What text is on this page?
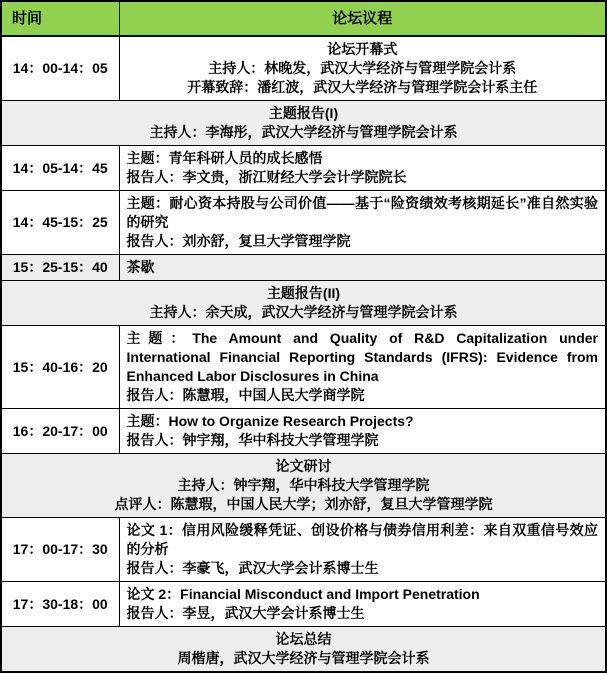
时间	论坛议程
14：00-14：05	论坛开幕式

主持人：林晚发，武汉大学经济与管理学院会计系

开幕致辞：潘红波，武汉大学经济与管理学院会计系主任

主题报告(I)

主持人：李海彤，武汉大学经济与管理学院会计系	

14：05-14：45	主题：青年科研人员的成长感悟

报告人：李文贵，浙江财经大学会计学院院长

14：45-15：25	主题：耐心资本持股与公司价值——基于“险资绩效考核期延长”准自然实验的研究

报告人：刘亦舒，复旦大学管理学院

15：25-15：40	茶歇

主题报告(II)

主持人：余天成，武汉大学经济与管理学院会计系	

15：40-16：20	主题：The Amount and Quality of R&D Capitalization under International Financial Reporting Standards (IFRS): Evidence from Enhanced Labor Disclosures in China

报告人：陈慧瑕，中国人民大学商学院

16：20-17：00	主题：How to Organize Research Projects?

报告人：钟宇翔，华中科技大学管理学院

论文研讨

主持人：钟宇翔，华中科技大学管理学院

点评人：陈慧瑕，中国人民大学；刘亦舒，复旦大学管理学院	

17：00-17：30	论文 1：信用风险缓释凭证、创设价格与债券信用利差：来自双重信号效应的分析

报告人：李豪飞，武汉大学会计系博士生

17：30-18：00	论文 2：Financial Misconduct and Import Penetration

报告人：李昱，武汉大学会计系博士生

论坛总结

周楷唐，武汉大学经济与管理学院会计系	
